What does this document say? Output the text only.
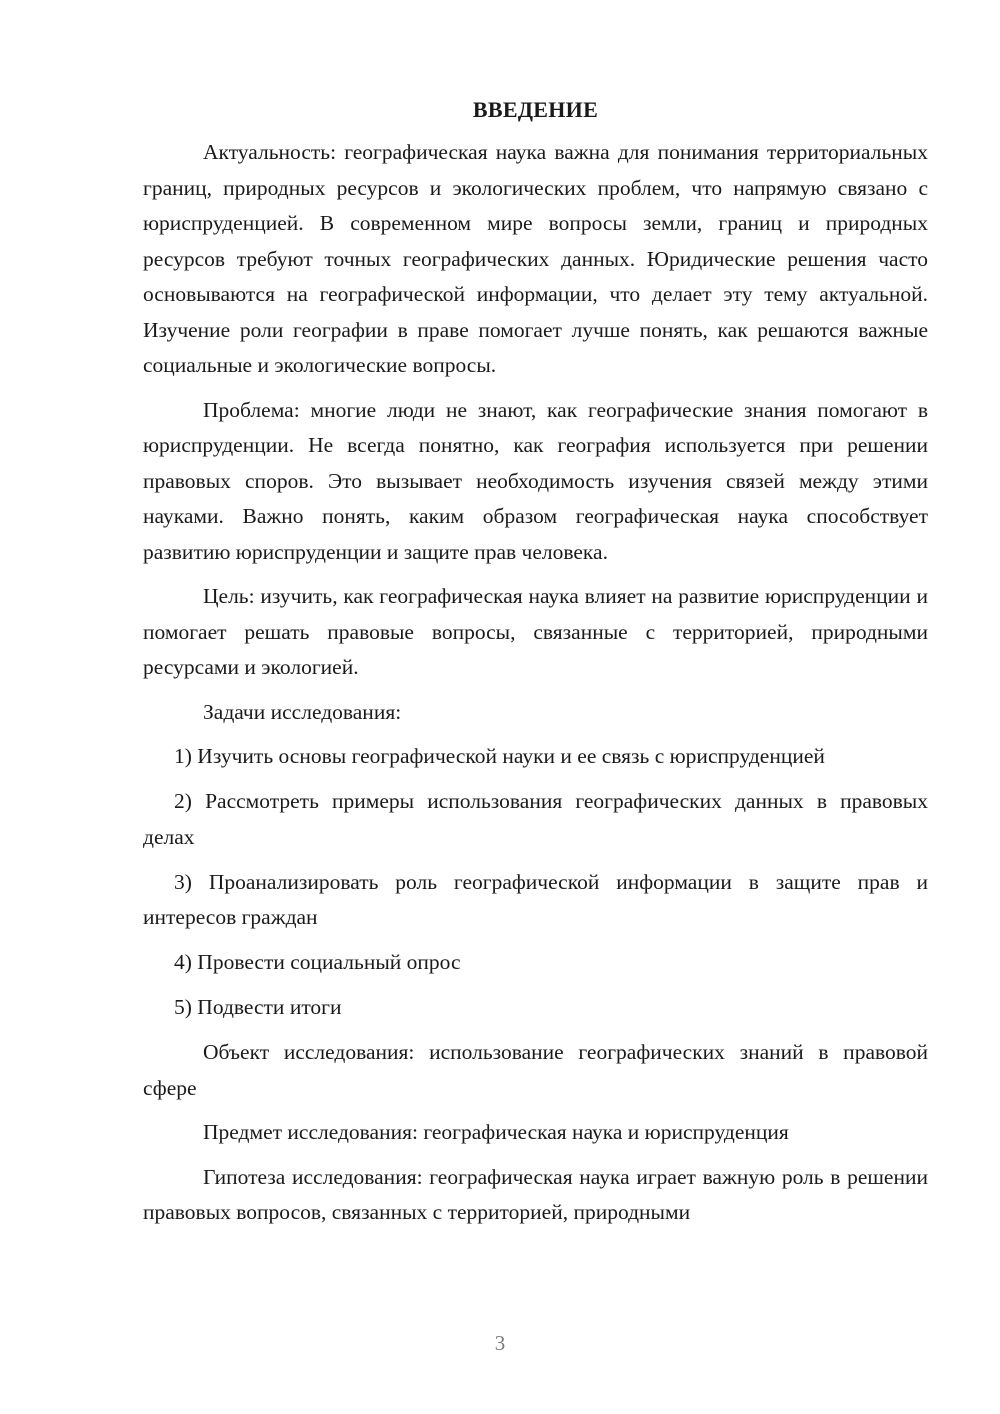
ВВЕДЕНИЕ

Актуальность: географическая наука важна для понимания территориальных границ, природных ресурсов и экологических проблем, что напрямую связано с юриспруденцией. В современном мире вопросы земли, границ и природных ресурсов требуют точных географических данных. Юридические решения часто основываются на географической информации, что делает эту тему актуальной. Изучение роли географии в праве помогает лучше понять, как решаются важные социальные и экологические вопросы.

Проблема: многие люди не знают, как географические знания помогают в юриспруденции. Не всегда понятно, как география используется при решении правовых споров. Это вызывает необходимость изучения связей между этими науками. Важно понять, каким образом географическая наука способствует развитию юриспруденции и защите прав человека.

Цель: изучить, как географическая наука влияет на развитие юриспруденции и помогает решать правовые вопросы, связанные с территорией, природными ресурсами и экологией.

Задачи исследования:

1) Изучить основы географической науки и ее связь с юриспруденцией

2) Рассмотреть примеры использования географических данных в правовых делах

3) Проанализировать роль географической информации в защите прав и интересов граждан

4) Провести социальный опрос

5) Подвести итоги

Объект исследования: использование географических знаний в правовой сфере

Предмет исследования: географическая наука и юриспруденция

Гипотеза исследования: географическая наука играет важную роль в решении правовых вопросов, связанных с территорией, природными

3
